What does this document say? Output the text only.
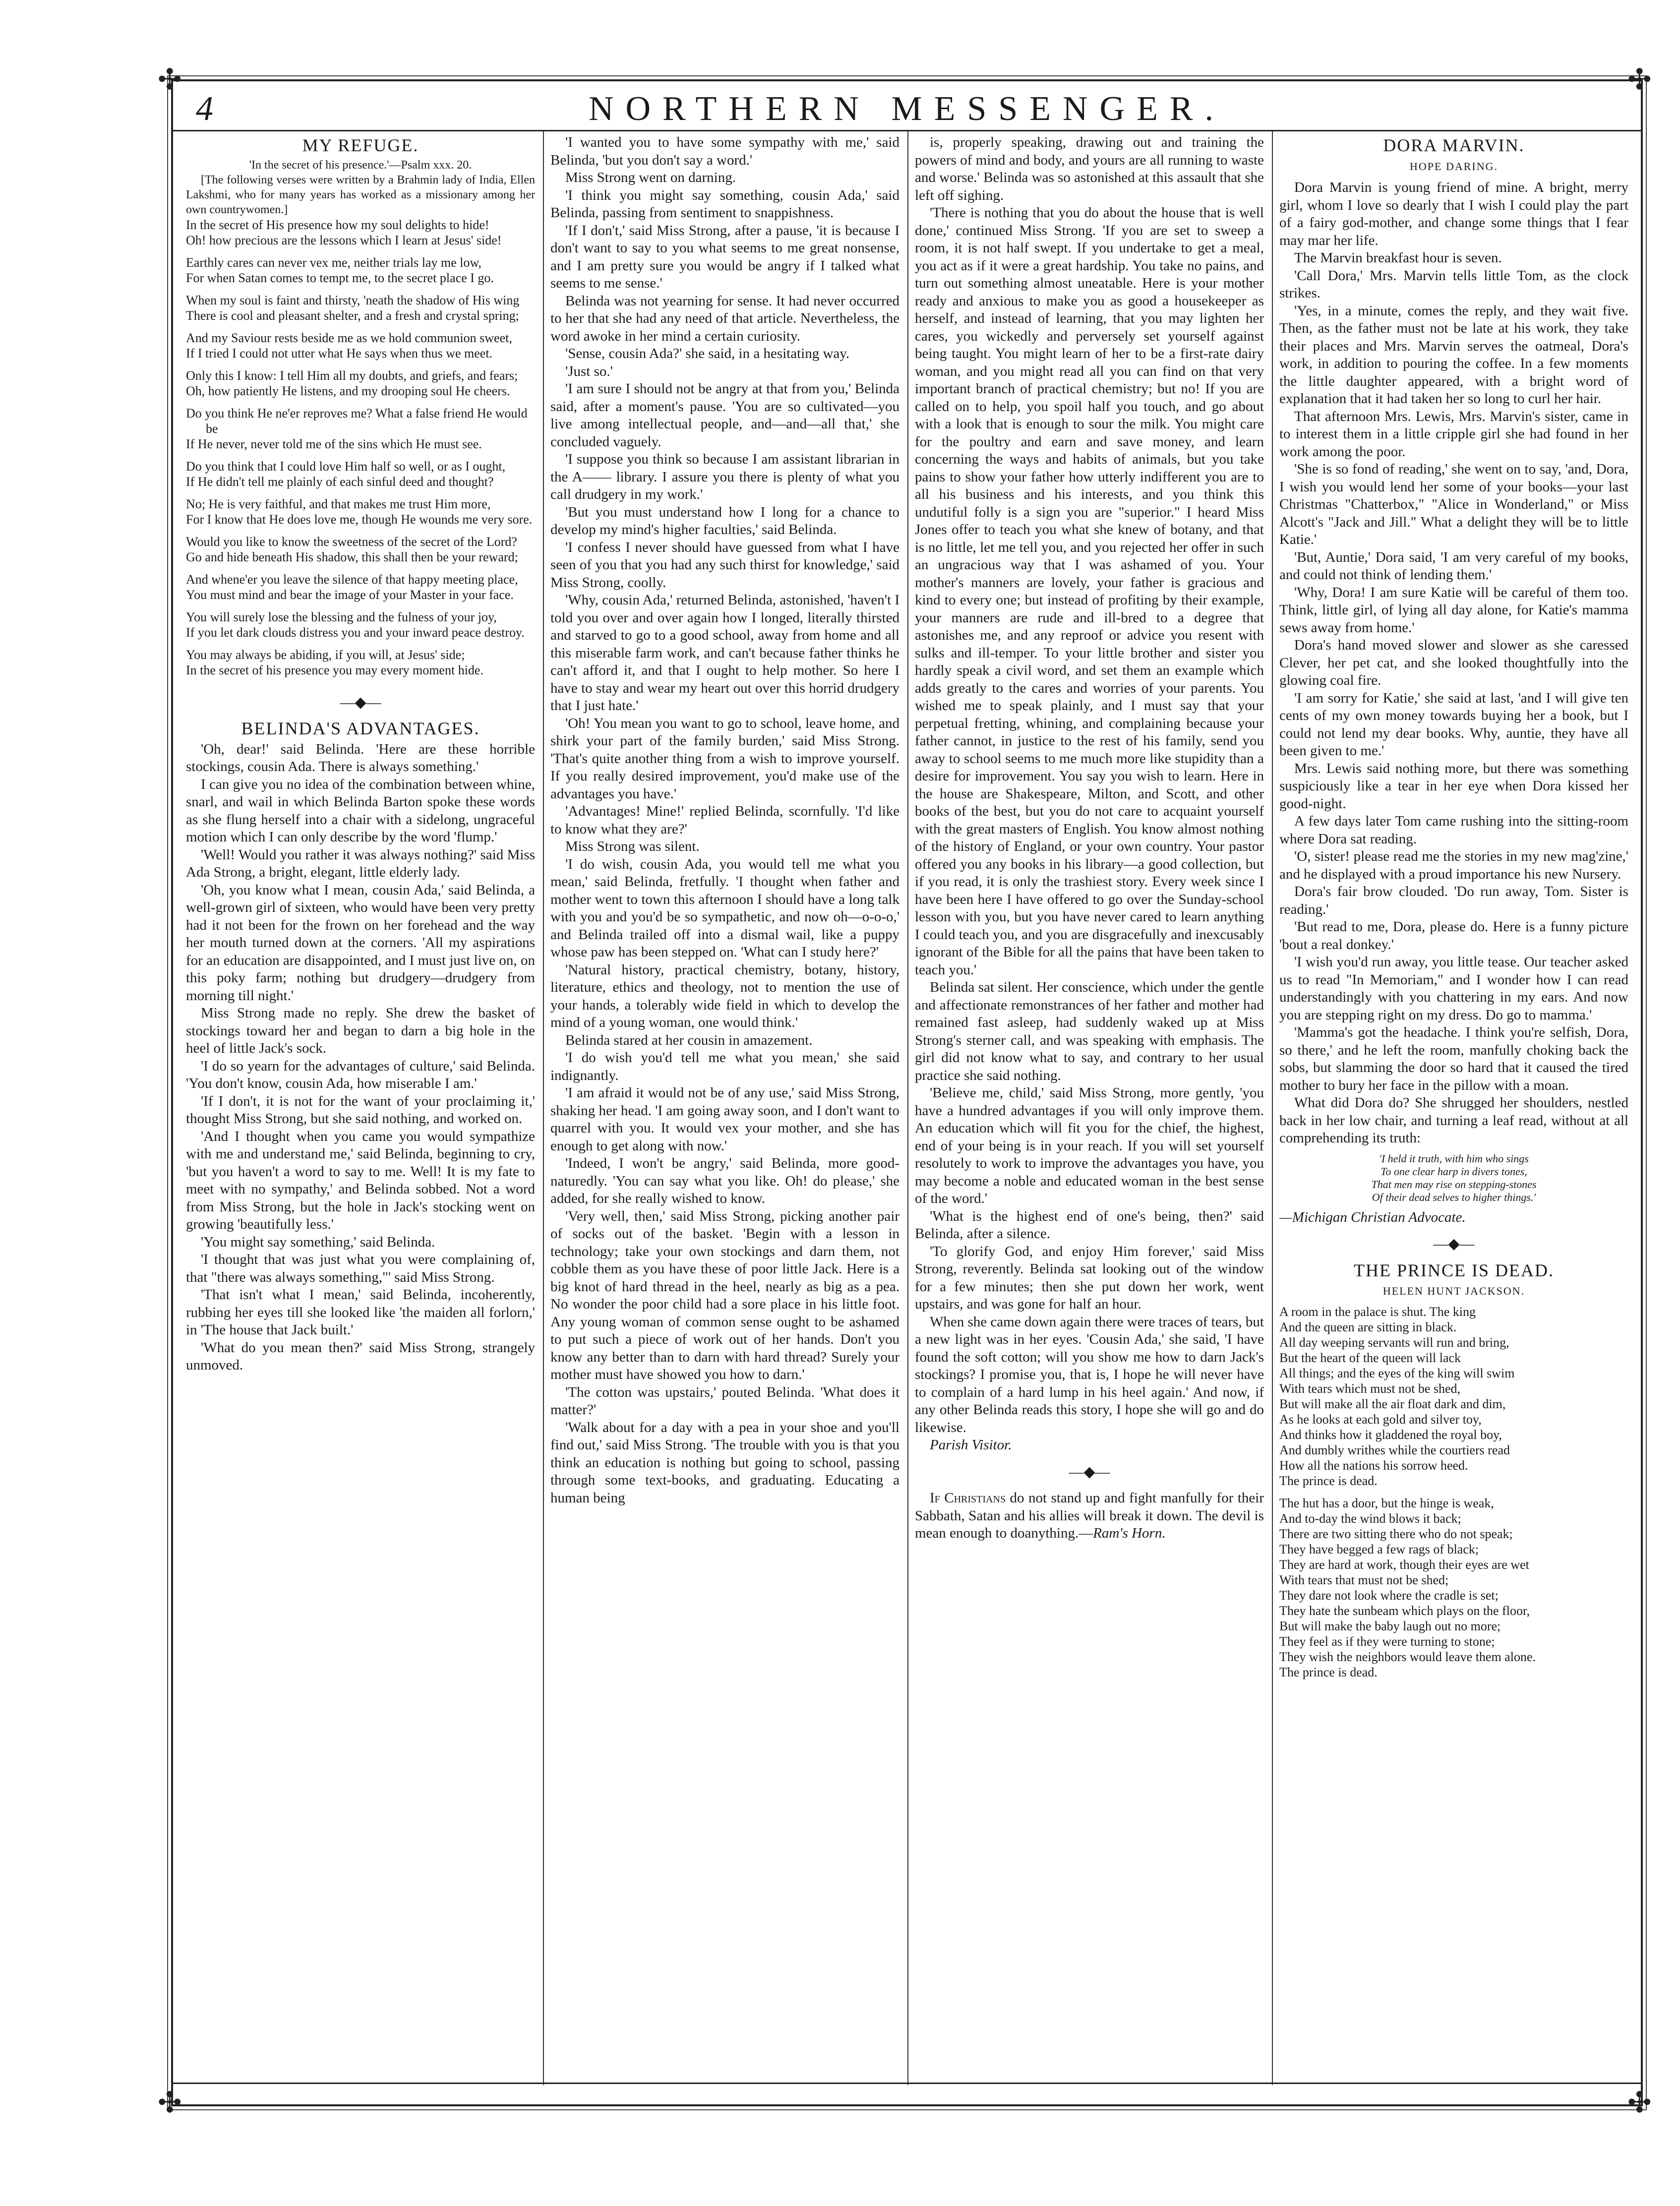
✣	✣
✣	✣
4	NORTHERN MESSENGER.
MY REFUGE.

'In the secret of his presence.'—Psalm xxx. 20.

[The following verses were written by a Brahmin lady of India, Ellen Lakshmi, who for many years has worked as a missionary among her own countrywomen.]

In the secret of His presence how my soul delights to hide!
Oh! how precious are the lessons which I learn at Jesus' side!
Earthly cares can never vex me, neither trials lay me low,
For when Satan comes to tempt me, to the secret place I go.
When my soul is faint and thirsty, 'neath the shadow of His wing
There is cool and pleasant shelter, and a fresh and crystal spring;
And my Saviour rests beside me as we hold communion sweet,
If I tried I could not utter what He says when thus we meet.
Only this I know: I tell Him all my doubts, and griefs, and fears;
Oh, how patiently He listens, and my drooping soul He cheers.
Do you think He ne'er reproves me? What a false friend He would be
If He never, never told me of the sins which He must see.
Do you think that I could love Him half so well, or as I ought,
If He didn't tell me plainly of each sinful deed and thought?
No; He is very faithful, and that makes me trust Him more,
For I know that He does love me, though He wounds me very sore.
Would you like to know the sweetness of the secret of the Lord?
Go and hide beneath His shadow, this shall then be your reward;
And whene'er you leave the silence of that happy meeting place,
You must mind and bear the image of your Master in your face.
You will surely lose the blessing and the fulness of your joy,
If you let dark clouds distress you and your inward peace destroy.
You may always be abiding, if you will, at Jesus' side;
In the secret of his presence you may every moment hide.
—◆—
BELINDA'S ADVANTAGES.

'Oh, dear!' said Belinda. 'Here are these horrible stockings, cousin Ada. There is always something.'

I can give you no idea of the combination between whine, snarl, and wail in which Belinda Barton spoke these words as she flung herself into a chair with a sidelong, ungraceful motion which I can only describe by the word 'flump.'

'Well! Would you rather it was always nothing?' said Miss Ada Strong, a bright, elegant, little elderly lady.

'Oh, you know what I mean, cousin Ada,' said Belinda, a well-grown girl of sixteen, who would have been very pretty had it not been for the frown on her forehead and the way her mouth turned down at the corners. 'All my aspirations for an education are disappointed, and I must just live on, on this poky farm; nothing but drudgery—drudgery from morning till night.'

Miss Strong made no reply. She drew the basket of stockings toward her and began to darn a big hole in the heel of little Jack's sock.

'I do so yearn for the advantages of culture,' said Belinda. 'You don't know, cousin Ada, how miserable I am.'

'If I don't, it is not for the want of your proclaiming it,' thought Miss Strong, but she said nothing, and worked on.

'And I thought when you came you would sympathize with me and understand me,' said Belinda, beginning to cry, 'but you haven't a word to say to me. Well! It is my fate to meet with no sympathy,' and Belinda sobbed. Not a word from Miss Strong, but the hole in Jack's stocking went on growing 'beautifully less.'

'You might say something,' said Belinda.

'I thought that was just what you were complaining of, that "there was always something,"' said Miss Strong.

'That isn't what I mean,' said Belinda, incoherently, rubbing her eyes till she looked like 'the maiden all forlorn,' in 'The house that Jack built.'

'What do you mean then?' said Miss Strong, strangely unmoved.

'I wanted you to have some sympathy with me,' said Belinda, 'but you don't say a word.'

Miss Strong went on darning.

'I think you might say something, cousin Ada,' said Belinda, passing from sentiment to snappishness.

'If I don't,' said Miss Strong, after a pause, 'it is because I don't want to say to you what seems to me great nonsense, and I am pretty sure you would be angry if I talked what seems to me sense.'

Belinda was not yearning for sense. It had never occurred to her that she had any need of that article. Nevertheless, the word awoke in her mind a certain curiosity.

'Sense, cousin Ada?' she said, in a hesitating way.

'Just so.'

'I am sure I should not be angry at that from you,' Belinda said, after a moment's pause. 'You are so cultivated—you live among intellectual people, and—and—all that,' she concluded vaguely.

'I suppose you think so because I am assistant librarian in the A—— library. I assure you there is plenty of what you call drudgery in my work.'

'But you must understand how I long for a chance to develop my mind's higher faculties,' said Belinda.

'I confess I never should have guessed from what I have seen of you that you had any such thirst for knowledge,' said Miss Strong, coolly.

'Why, cousin Ada,' returned Belinda, astonished, 'haven't I told you over and over again how I longed, literally thirsted and starved to go to a good school, away from home and all this miserable farm work, and can't because father thinks he can't afford it, and that I ought to help mother. So here I have to stay and wear my heart out over this horrid drudgery that I just hate.'

'Oh! You mean you want to go to school, leave home, and shirk your part of the family burden,' said Miss Strong. 'That's quite another thing from a wish to improve yourself. If you really desired improvement, you'd make use of the advantages you have.'

'Advantages! Mine!' replied Belinda, scornfully. 'I'd like to know what they are?'

Miss Strong was silent.

'I do wish, cousin Ada, you would tell me what you mean,' said Belinda, fretfully. 'I thought when father and mother went to town this afternoon I should have a long talk with you and you'd be so sympathetic, and now oh—o-o-o,' and Belinda trailed off into a dismal wail, like a puppy whose paw has been stepped on. 'What can I study here?'

'Natural history, practical chemistry, botany, history, literature, ethics and theology, not to mention the use of your hands, a tolerably wide field in which to develop the mind of a young woman, one would think.'

Belinda stared at her cousin in amazement.

'I do wish you'd tell me what you mean,' she said indignantly.

'I am afraid it would not be of any use,' said Miss Strong, shaking her head. 'I am going away soon, and I don't want to quarrel with you. It would vex your mother, and she has enough to get along with now.'

'Indeed, I won't be angry,' said Belinda, more good-naturedly. 'You can say what you like. Oh! do please,' she added, for she really wished to know.

'Very well, then,' said Miss Strong, picking another pair of socks out of the basket. 'Begin with a lesson in technology; take your own stockings and darn them, not cobble them as you have these of poor little Jack. Here is a big knot of hard thread in the heel, nearly as big as a pea. No wonder the poor child had a sore place in his little foot. Any young woman of common sense ought to be ashamed to put such a piece of work out of her hands. Don't you know any better than to darn with hard thread? Surely your mother must have showed you how to darn.'

'The cotton was upstairs,' pouted Belinda. 'What does it matter?'

'Walk about for a day with a pea in your shoe and you'll find out,' said Miss Strong. 'The trouble with you is that you think an education is nothing but going to school, passing through some text-books, and graduating. Educating a human being

is, properly speaking, drawing out and training the powers of mind and body, and yours are all running to waste and worse.' Belinda was so astonished at this assault that she left off sighing.

'There is nothing that you do about the house that is well done,' continued Miss Strong. 'If you are set to sweep a room, it is not half swept. If you undertake to get a meal, you act as if it were a great hardship. You take no pains, and turn out something almost uneatable. Here is your mother ready and anxious to make you as good a housekeeper as herself, and instead of learning, that you may lighten her cares, you wickedly and perversely set yourself against being taught. You might learn of her to be a first-rate dairy woman, and you might read all you can find on that very important branch of practical chemistry; but no! If you are called on to help, you spoil half you touch, and go about with a look that is enough to sour the milk. You might care for the poultry and earn and save money, and learn concerning the ways and habits of animals, but you take pains to show your father how utterly indifferent you are to all his business and his interests, and you think this undutiful folly is a sign you are "superior." I heard Miss Jones offer to teach you what she knew of botany, and that is no little, let me tell you, and you rejected her offer in such an ungracious way that I was ashamed of you. Your mother's manners are lovely, your father is gracious and kind to every one; but instead of profiting by their example, your manners are rude and ill-bred to a degree that astonishes me, and any reproof or advice you resent with sulks and ill-temper. To your little brother and sister you hardly speak a civil word, and set them an example which adds greatly to the cares and worries of your parents. You wished me to speak plainly, and I must say that your perpetual fretting, whining, and complaining because your father cannot, in justice to the rest of his family, send you away to school seems to me much more like stupidity than a desire for improvement. You say you wish to learn. Here in the house are Shakespeare, Milton, and Scott, and other books of the best, but you do not care to acquaint yourself with the great masters of English. You know almost nothing of the history of England, or your own country. Your pastor offered you any books in his library—a good collection, but if you read, it is only the trashiest story. Every week since I have been here I have offered to go over the Sunday-school lesson with you, but you have never cared to learn anything I could teach you, and you are disgracefully and inexcusably ignorant of the Bible for all the pains that have been taken to teach you.'

Belinda sat silent. Her conscience, which under the gentle and affectionate remonstrances of her father and mother had remained fast asleep, had suddenly waked up at Miss Strong's sterner call, and was speaking with emphasis. The girl did not know what to say, and contrary to her usual practice she said nothing.

'Believe me, child,' said Miss Strong, more gently, 'you have a hundred advantages if you will only improve them. An education which will fit you for the chief, the highest, end of your being is in your reach. If you will set yourself resolutely to work to improve the advantages you have, you may become a noble and educated woman in the best sense of the word.'

'What is the highest end of one's being, then?' said Belinda, after a silence.

'To glorify God, and enjoy Him forever,' said Miss Strong, reverently. Belinda sat looking out of the window for a few minutes; then she put down her work, went upstairs, and was gone for half an hour.

When she came down again there were traces of tears, but a new light was in her eyes. 'Cousin Ada,' she said, 'I have found the soft cotton; will you show me how to darn Jack's stockings? I promise you, that is, I hope he will never have to complain of a hard lump in his heel again.' And now, if any other Belinda reads this story, I hope she will go and do likewise.

Parish Visitor.

—◆—

If Christians do not stand up and fight manfully for their Sabbath, Satan and his allies will break it down. The devil is mean enough to doanything.—Ram's Horn.

DORA MARVIN.
HOPE DARING.

Dora Marvin is young friend of mine. A bright, merry girl, whom I love so dearly that I wish I could play the part of a fairy god-mother, and change some things that I fear may mar her life.

The Marvin breakfast hour is seven.

'Call Dora,' Mrs. Marvin tells little Tom, as the clock strikes.

'Yes, in a minute, comes the reply, and they wait five. Then, as the father must not be late at his work, they take their places and Mrs. Marvin serves the oatmeal, Dora's work, in addition to pouring the coffee. In a few moments the little daughter appeared, with a bright word of explanation that it had taken her so long to curl her hair.

That afternoon Mrs. Lewis, Mrs. Marvin's sister, came in to interest them in a little cripple girl she had found in her work among the poor.

'She is so fond of reading,' she went on to say, 'and, Dora, I wish you would lend her some of your books—your last Christmas "Chatterbox," "Alice in Wonderland," or Miss Alcott's "Jack and Jill." What a delight they will be to little Katie.'

'But, Auntie,' Dora said, 'I am very careful of my books, and could not think of lending them.'

'Why, Dora! I am sure Katie will be careful of them too. Think, little girl, of lying all day alone, for Katie's mamma sews away from home.'

Dora's hand moved slower and slower as she caressed Clever, her pet cat, and she looked thoughtfully into the glowing coal fire.

'I am sorry for Katie,' she said at last, 'and I will give ten cents of my own money towards buying her a book, but I could not lend my dear books. Why, auntie, they have all been given to me.'

Mrs. Lewis said nothing more, but there was something suspiciously like a tear in her eye when Dora kissed her good-night.

A few days later Tom came rushing into the sitting-room where Dora sat reading.

'O, sister! please read me the stories in my new mag'zine,' and he displayed with a proud importance his new Nursery.

Dora's fair brow clouded. 'Do run away, Tom. Sister is reading.'

'But read to me, Dora, please do. Here is a funny picture 'bout a real donkey.'

'I wish you'd run away, you little tease. Our teacher asked us to read "In Memoriam," and I wonder how I can read understandingly with you chattering in my ears. And now you are stepping right on my dress. Do go to mamma.'

'Mamma's got the headache. I think you're selfish, Dora, so there,' and he left the room, manfully choking back the sobs, but slamming the door so hard that it caused the tired mother to bury her face in the pillow with a moan.

What did Dora do? She shrugged her shoulders, nestled back in her low chair, and turning a leaf read, without at all comprehending its truth:

'I held it truth, with him who sings
To one clear harp in divers tones,
That men may rise on stepping-stones
Of their dead selves to higher things.'

—Michigan Christian Advocate.

—◆—
THE PRINCE IS DEAD.
HELEN HUNT JACKSON.
A room in the palace is shut. The king
And the queen are sitting in black.
All day weeping servants will run and bring,
But the heart of the queen will lack
All things; and the eyes of the king will swim
With tears which must not be shed,
But will make all the air float dark and dim,
As he looks at each gold and silver toy,
And thinks how it gladdened the royal boy,
And dumbly writhes while the courtiers read
How all the nations his sorrow heed.
The prince is dead.
The hut has a door, but the hinge is weak,
And to-day the wind blows it back;
There are two sitting there who do not speak;
They have begged a few rags of black;
They are hard at work, though their eyes are wet
With tears that must not be shed;
They dare not look where the cradle is set;
They hate the sunbeam which plays on the floor,
But will make the baby laugh out no more;
They feel as if they were turning to stone;
They wish the neighbors would leave them alone.
The prince is dead.
